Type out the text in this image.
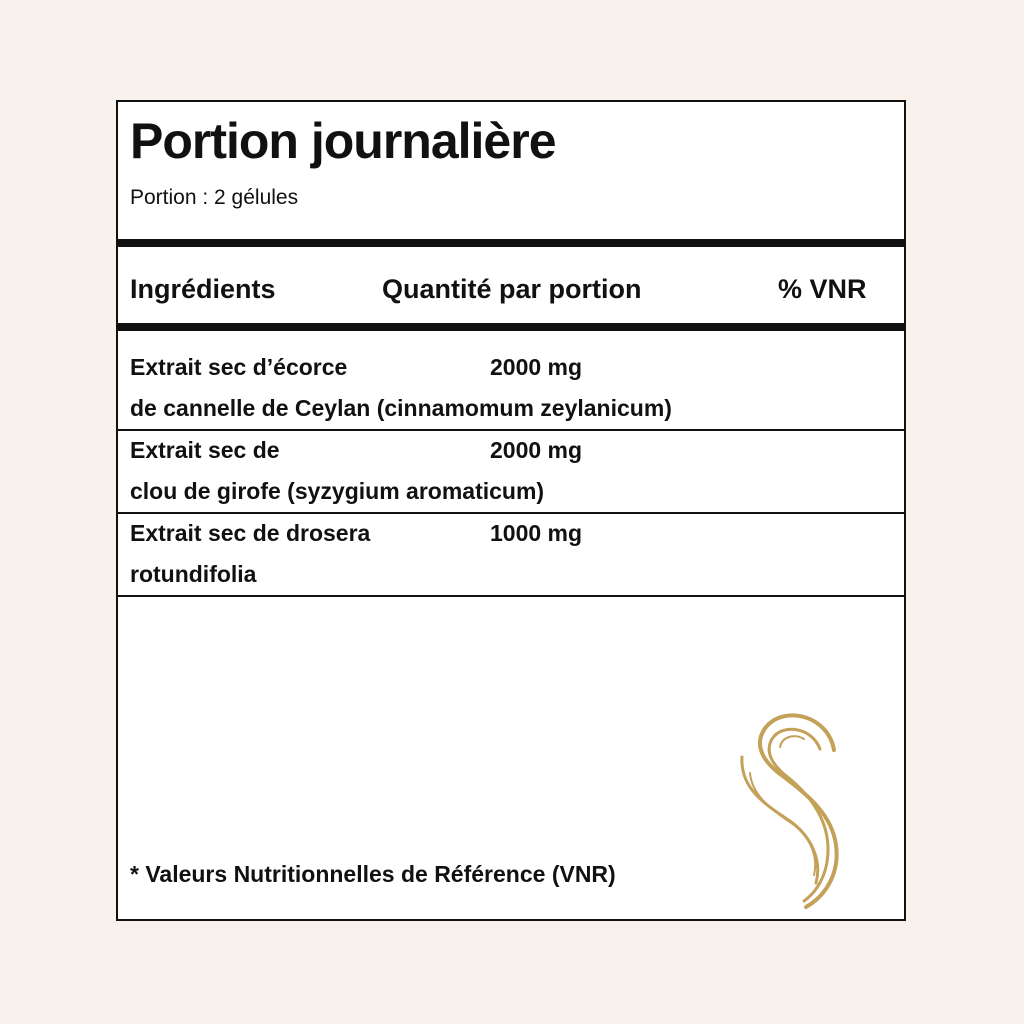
Portion journalière
Portion : 2 gélules
Ingrédients	Quantité par portion	% VNR
Extrait sec d’écorce
de cannelle de Ceylan (cinnamomum zeylanicum)
2000 mg
Extrait sec de
clou de girofe (syzygium aromaticum)
2000 mg
Extrait sec de drosera
rotundifolia
1000 mg
* Valeurs Nutritionnelles de Référence (VNR)
